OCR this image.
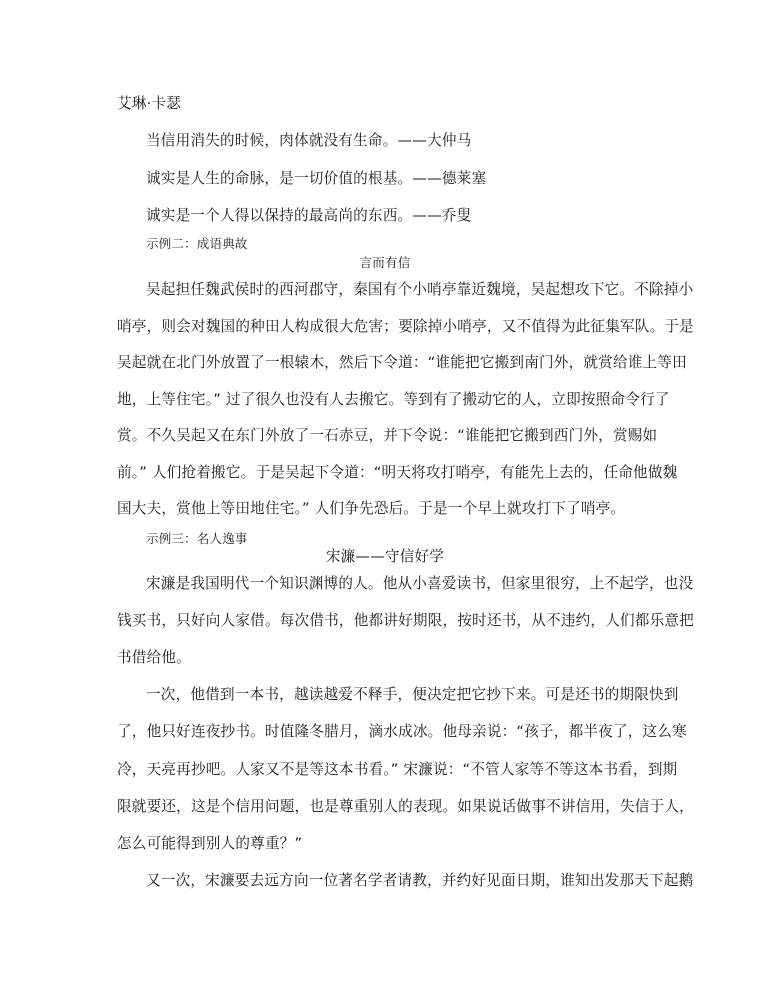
艾琳·卡瑟
当信用消失的时候，肉体就没有生命。——大仲马
诚实是人生的命脉，是一切价值的根基。——德莱塞
诚实是一个人得以保持的最高尚的东西。——乔叟
示例二：成语典故
言而有信
吴起担任魏武侯时的西河郡守，秦国有个小哨亭靠近魏境，吴起想攻下它。不除掉小
哨亭，则会对魏国的种田人构成很大危害；要除掉小哨亭，又不值得为此征集军队。于是
吴起就在北门外放置了一根辕木，然后下令道：“谁能把它搬到南门外，就赏给谁上等田
地，上等住宅。” 过了很久也没有人去搬它。等到有了搬动它的人，立即按照命令行了
赏。不久吴起又在东门外放了一石赤豆，并下令说：“谁能把它搬到西门外，赏赐如
前。” 人们抢着搬它。于是吴起下令道：“明天将攻打哨亭，有能先上去的，任命他做魏
国大夫，赏他上等田地住宅。” 人们争先恐后。于是一个早上就攻打下了哨亭。
示例三：名人逸事
宋濂——守信好学
宋濂是我国明代一个知识渊博的人。他从小喜爱读书，但家里很穷，上不起学，也没
钱买书，只好向人家借。每次借书，他都讲好期限，按时还书，从不违约，人们都乐意把
书借给他。
一次，他借到一本书，越读越爱不释手，便决定把它抄下来。可是还书的期限快到
了，他只好连夜抄书。时值隆冬腊月，滴水成冰。他母亲说：“孩子，都半夜了，这么寒
冷，天亮再抄吧。人家又不是等这本书看。” 宋濂说：“不管人家等不等这本书看，到期
限就要还，这是个信用问题，也是尊重别人的表现。如果说话做事不讲信用，失信于人，
怎么可能得到别人的尊重？”
又一次，宋濂要去远方向一位著名学者请教，并约好见面日期，谁知出发那天下起鹅
